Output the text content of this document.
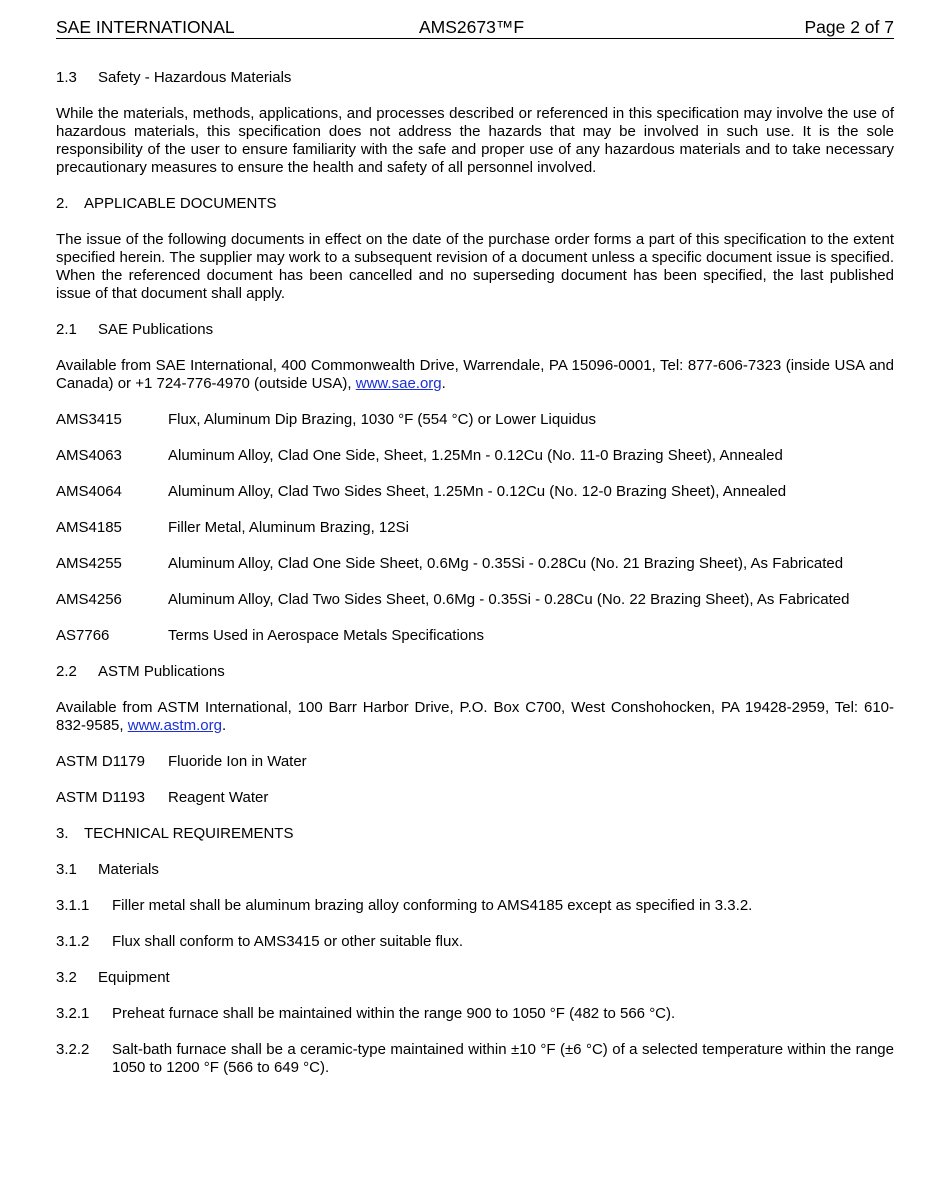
SAE INTERNATIONAL	AMS2673™F	Page 2 of 7
1.3 Safety - Hazardous Materials

While the materials, methods, applications, and processes described or referenced in this specification may involve the use of hazardous materials, this specification does not address the hazards that may be involved in such use. It is the sole responsibility of the user to ensure familiarity with the safe and proper use of any hazardous materials and to take necessary precautionary measures to ensure the health and safety of all personnel involved.

2. APPLICABLE DOCUMENTS

The issue of the following documents in effect on the date of the purchase order forms a part of this specification to the extent specified herein. The supplier may work to a subsequent revision of a document unless a specific document issue is specified. When the referenced document has been cancelled and no superseding document has been specified, the last published issue of that document shall apply.

2.1 SAE Publications

Available from SAE International, 400 Commonwealth Drive, Warrendale, PA 15096-0001, Tel: 877-606-7323 (inside USA and Canada) or +1 724-776-4970 (outside USA), www.sae.org.

AMS3415	Flux, Aluminum Dip Brazing, 1030 °F (554 °C) or Lower Liquidus
AMS4063	Aluminum Alloy, Clad One Side, Sheet, 1.25Mn - 0.12Cu (No. 11-0 Brazing Sheet), Annealed
AMS4064	Aluminum Alloy, Clad Two Sides Sheet, 1.25Mn - 0.12Cu (No. 12-0 Brazing Sheet), Annealed
AMS4185	Filler Metal, Aluminum Brazing, 12Si
AMS4255	Aluminum Alloy, Clad One Side Sheet, 0.6Mg - 0.35Si - 0.28Cu (No. 21 Brazing Sheet), As Fabricated
AMS4256	Aluminum Alloy, Clad Two Sides Sheet, 0.6Mg - 0.35Si - 0.28Cu (No. 22 Brazing Sheet), As Fabricated
AS7766	Terms Used in Aerospace Metals Specifications
2.2 ASTM Publications

Available from ASTM International, 100 Barr Harbor Drive, P.O. Box C700, West Conshohocken, PA 19428-2959, Tel: 610-832-9585, www.astm.org.

ASTM D1179	Fluoride Ion in Water
ASTM D1193	Reagent Water
3. TECHNICAL REQUIREMENTS
3.1 Materials
3.1.1	Filler metal shall be aluminum brazing alloy conforming to AMS4185 except as specified in 3.3.2.
3.1.2	Flux shall conform to AMS3415 or other suitable flux.
3.2 Equipment
3.2.1	Preheat furnace shall be maintained within the range 900 to 1050 °F (482 to 566 °C).
3.2.2	Salt-bath furnace shall be a ceramic-type maintained within ±10 °F (±6 °C) of a selected temperature within the range 1050 to 1200 °F (566 to 649 °C).
